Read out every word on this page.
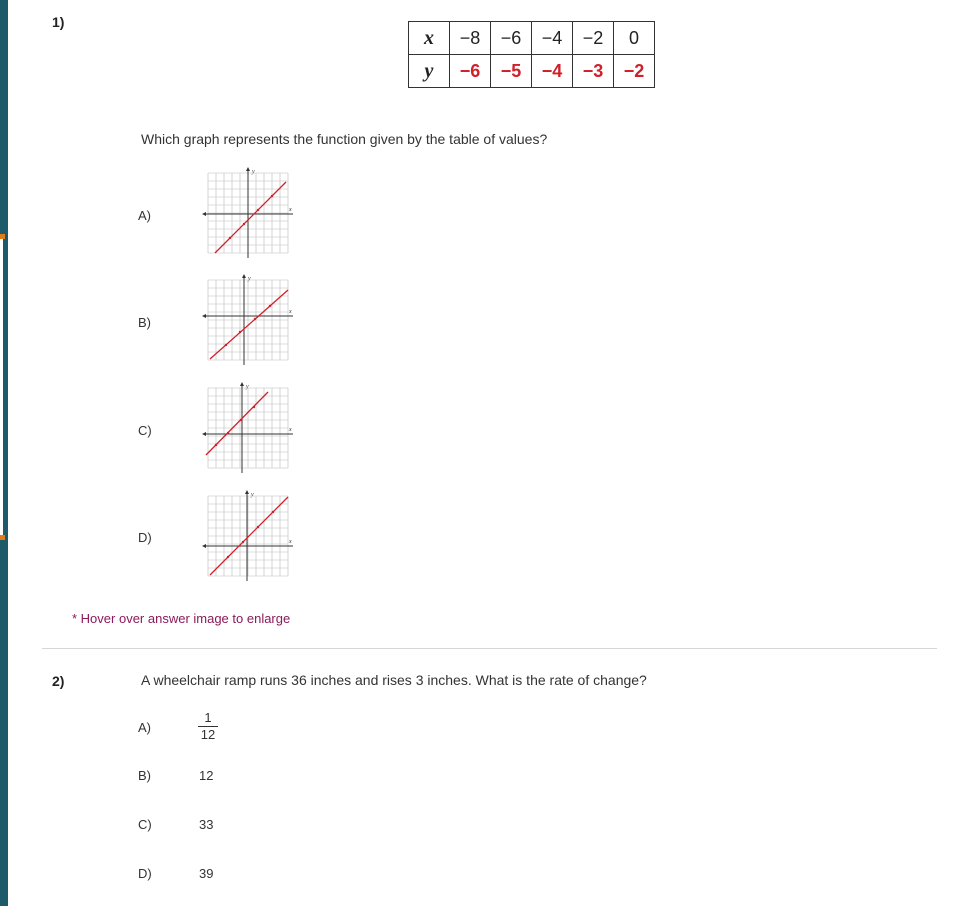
1)
x	−8	−6	−4	−2	0
y	−6	−5	−4	−3	−2
Which graph represents the function given by the table of values?
A)
B)
C)
D)
y
x
y
x
y
x
y
x
* Hover over answer image to enlarge
2)	A wheelchair ramp runs 36 inches and rises 3 inches. What is the rate of change?
A)
1
12
B)	12
C)	33
D)	39
